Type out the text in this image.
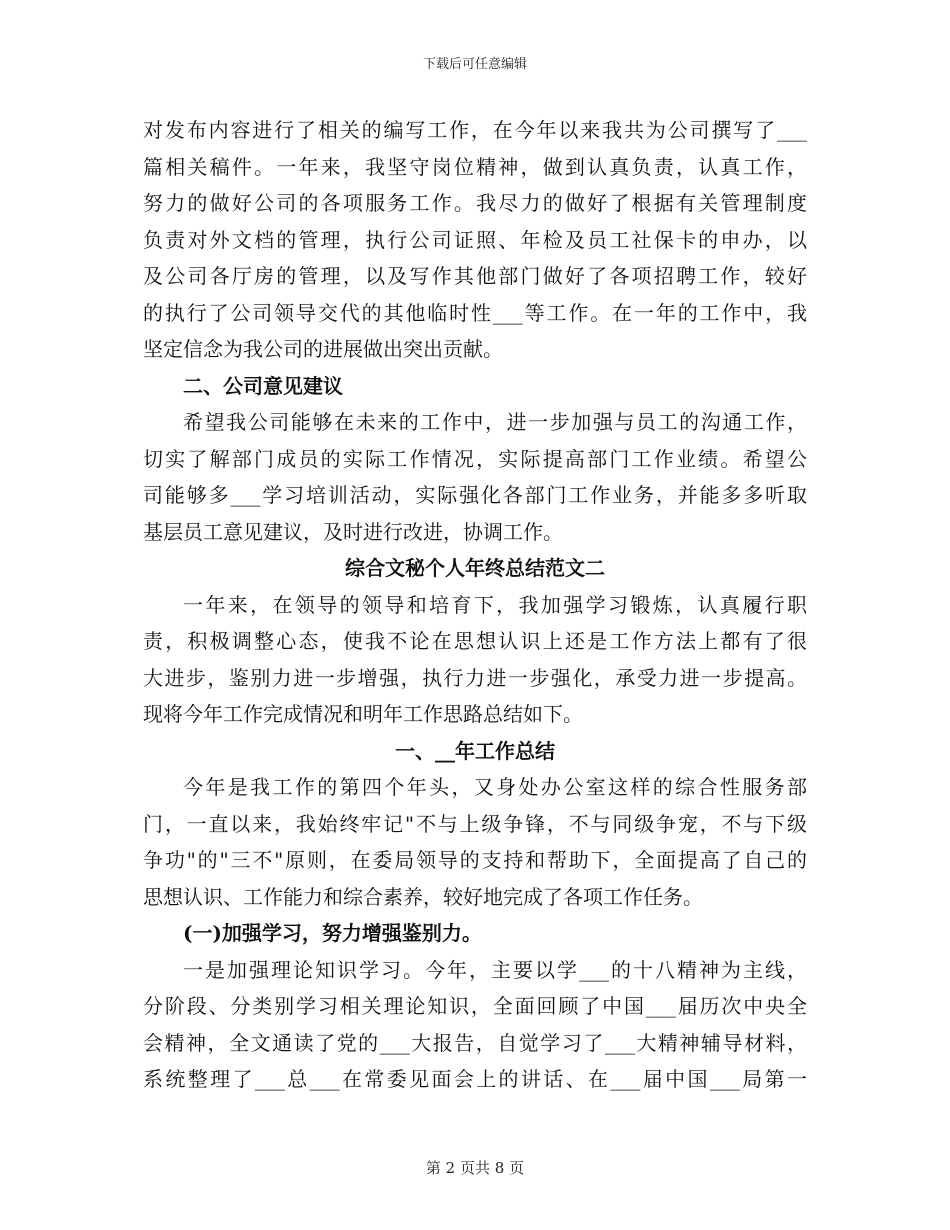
下载后可任意编辑
对发布内容进行了相关的编写工作，在今年以来我共为公司撰写了___
篇相关稿件。一年来，我坚守岗位精神，做到认真负责，认真工作，
努力的做好公司的各项服务工作。我尽力的做好了根据有关管理制度
负责对外文档的管理，执行公司证照、年检及员工社保卡的申办，以
及公司各厅房的管理，以及写作其他部门做好了各项招聘工作，较好
的执行了公司领导交代的其他临时性___等工作。在一年的工作中，我
坚定信念为我公司的进展做出突出贡献。
二、公司意见建议
希望我公司能够在未来的工作中，进一步加强与员工的沟通工作，
切实了解部门成员的实际工作情况，实际提高部门工作业绩。希望公
司能够多___学习培训活动，实际强化各部门工作业务，并能多多听取
基层员工意见建议，及时进行改进，协调工作。
综合文秘个人年终总结范文二
一年来，在领导的领导和培育下，我加强学习锻炼，认真履行职
责，积极调整心态，使我不论在思想认识上还是工作方法上都有了很
大进步，鉴别力进一步增强，执行力进一步强化，承受力进一步提高。
现将今年工作完成情况和明年工作思路总结如下。
一、__年工作总结
今年是我工作的第四个年头，又身处办公室这样的综合性服务部
门，一直以来，我始终牢记"不与上级争锋，不与同级争宠，不与下级
争功"的"三不"原则，在委局领导的支持和帮助下，全面提高了自己的
思想认识、工作能力和综合素养，较好地完成了各项工作任务。
(一)加强学习，努力增强鉴别力。
一是加强理论知识学习。今年，主要以学___的十八精神为主线，
分阶段、分类别学习相关理论知识，全面回顾了中国___届历次中央全
会精神，全文通读了党的___大报告，自觉学习了___大精神辅导材料，
系统整理了___总___在常委见面会上的讲话、在___届中国___局第一
第 2 页共 8 页
